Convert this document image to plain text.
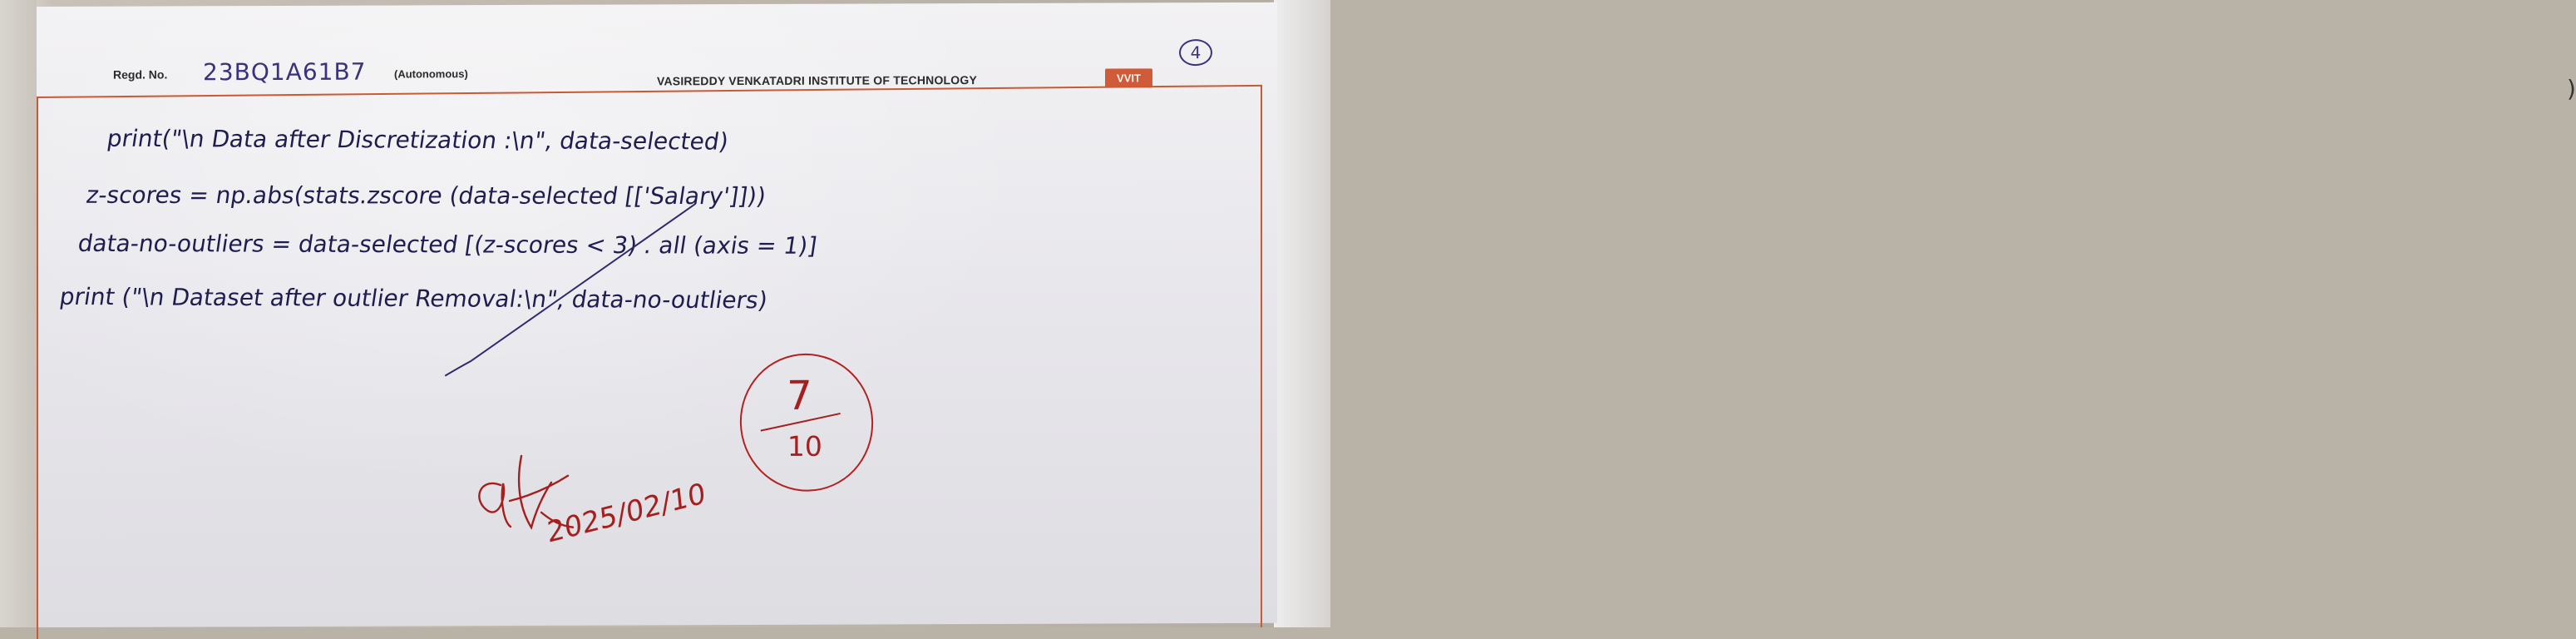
)
Regd. No. 23BQ1A61B7	(Autonomous)	VASIREDDY VENKATADRI INSTITUTE OF TECHNOLOGY	VVIT
4
print("\n Data after Discretization :\n", data-selected)
z-scores = np.abs(stats.zscore (data-selected [['Salary']]))
data-no-outliers = data-selected [(z-scores < 3) . all (axis = 1)]
print ("\n Dataset after outlier Removal:\n", data-no-outliers)
7
10
2025/02/10
